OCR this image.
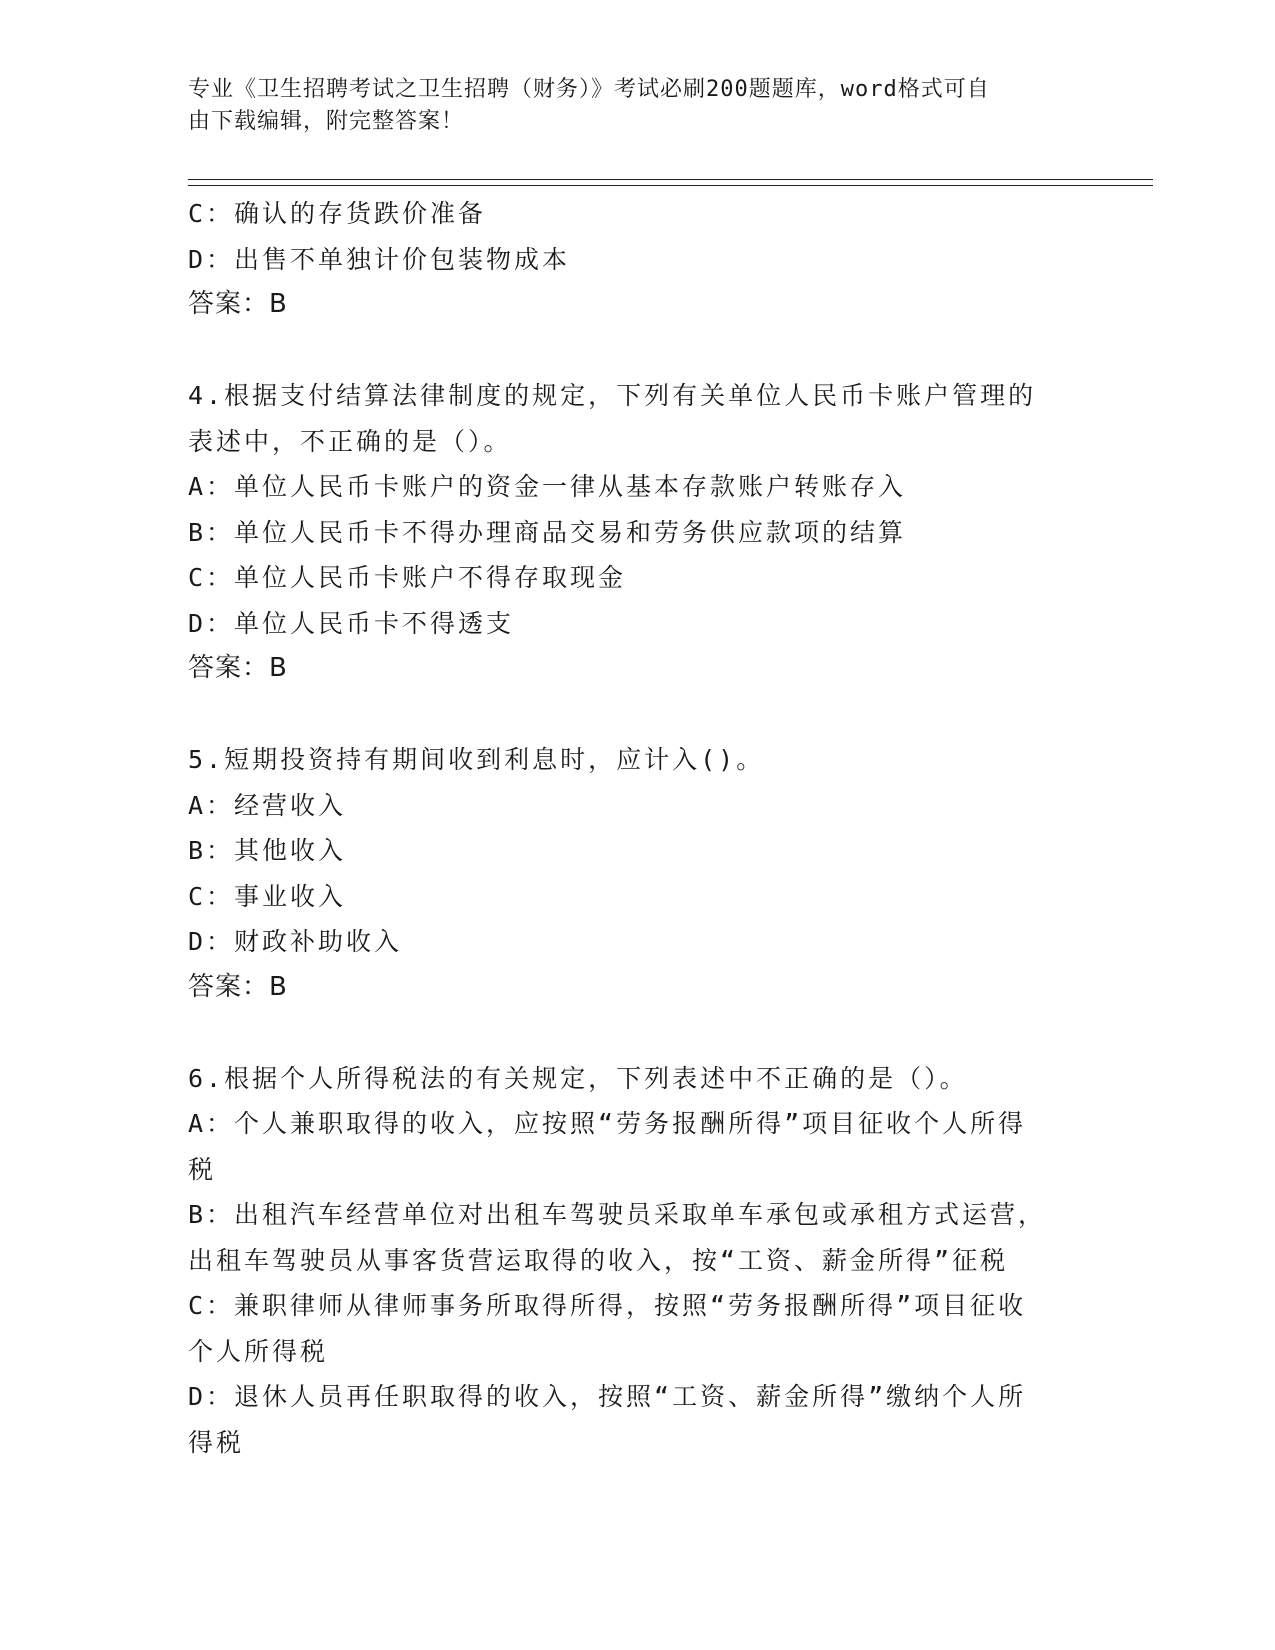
专业《卫生招聘考试之卫生招聘（财务）》考试必刷200题题库，word格式可自
由下载编辑，附完整答案！
C：确认的存货跌价准备
D：出售不单独计价包装物成本
答案：B
4.根据支付结算法律制度的规定，下列有关单位人民币卡账户管理的
表述中，不正确的是（）。
A：单位人民币卡账户的资金一律从基本存款账户转账存入
B：单位人民币卡不得办理商品交易和劳务供应款项的结算
C：单位人民币卡账户不得存取现金
D：单位人民币卡不得透支
答案：B
5.短期投资持有期间收到利息时，应计入()。
A：经营收入
B：其他收入
C：事业收入
D：财政补助收入
答案：B
6.根据个人所得税法的有关规定，下列表述中不正确的是（）。
A：个人兼职取得的收入，应按照“劳务报酬所得”项目征收个人所得
税
B：出租汽车经营单位对出租车驾驶员采取单车承包或承租方式运营，
出租车驾驶员从事客货营运取得的收入，按“工资、薪金所得”征税
C：兼职律师从律师事务所取得所得，按照“劳务报酬所得”项目征收
个人所得税
D：退休人员再任职取得的收入，按照“工资、薪金所得”缴纳个人所
得税
